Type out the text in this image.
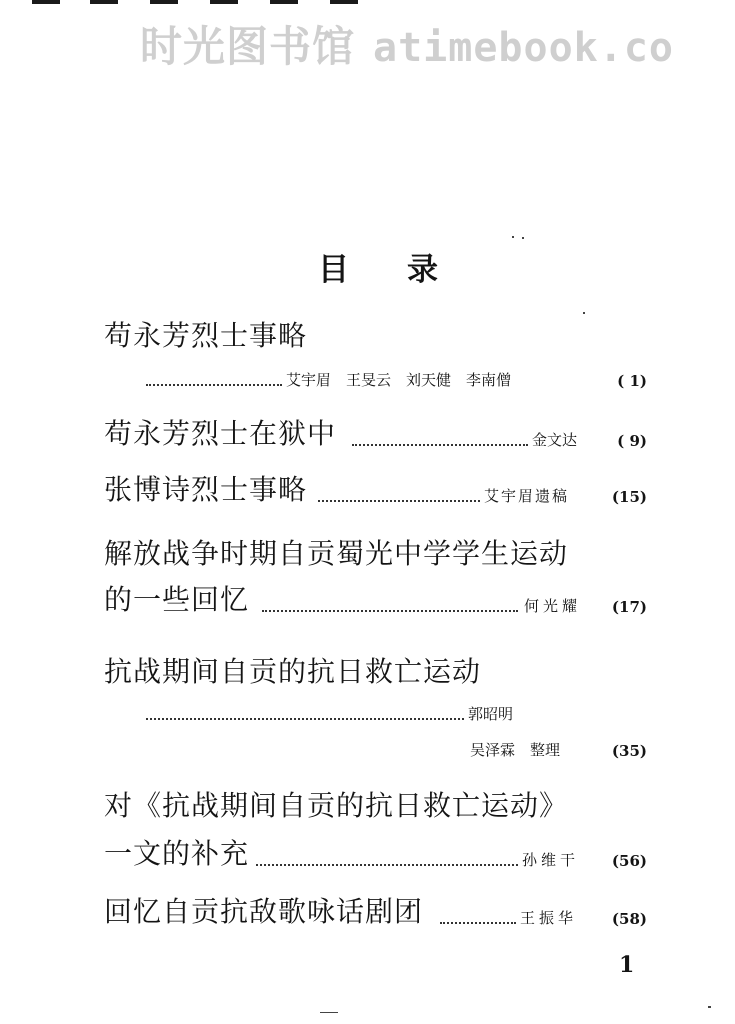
时光图书馆 atimebook.co
目录
苟永芳烈士事略
艾宇眉　王旻云　刘天健　李南僧	( 1)
苟永芳烈士在狱中	金文达	( 9)
张博诗烈士事略	艾宇眉遗稿	(15)
解放战争时期自贡蜀光中学学生运动
的一些回忆	何光耀 (17)
抗战期间自贡的抗日救亡运动
郭昭明
吴泽霖　整理	(35)
对《抗战期间自贡的抗日救亡运动》
一文的补充	孙维干 (56)
回忆自贡抗敌歌咏话剧团	王振华 (58)
1
